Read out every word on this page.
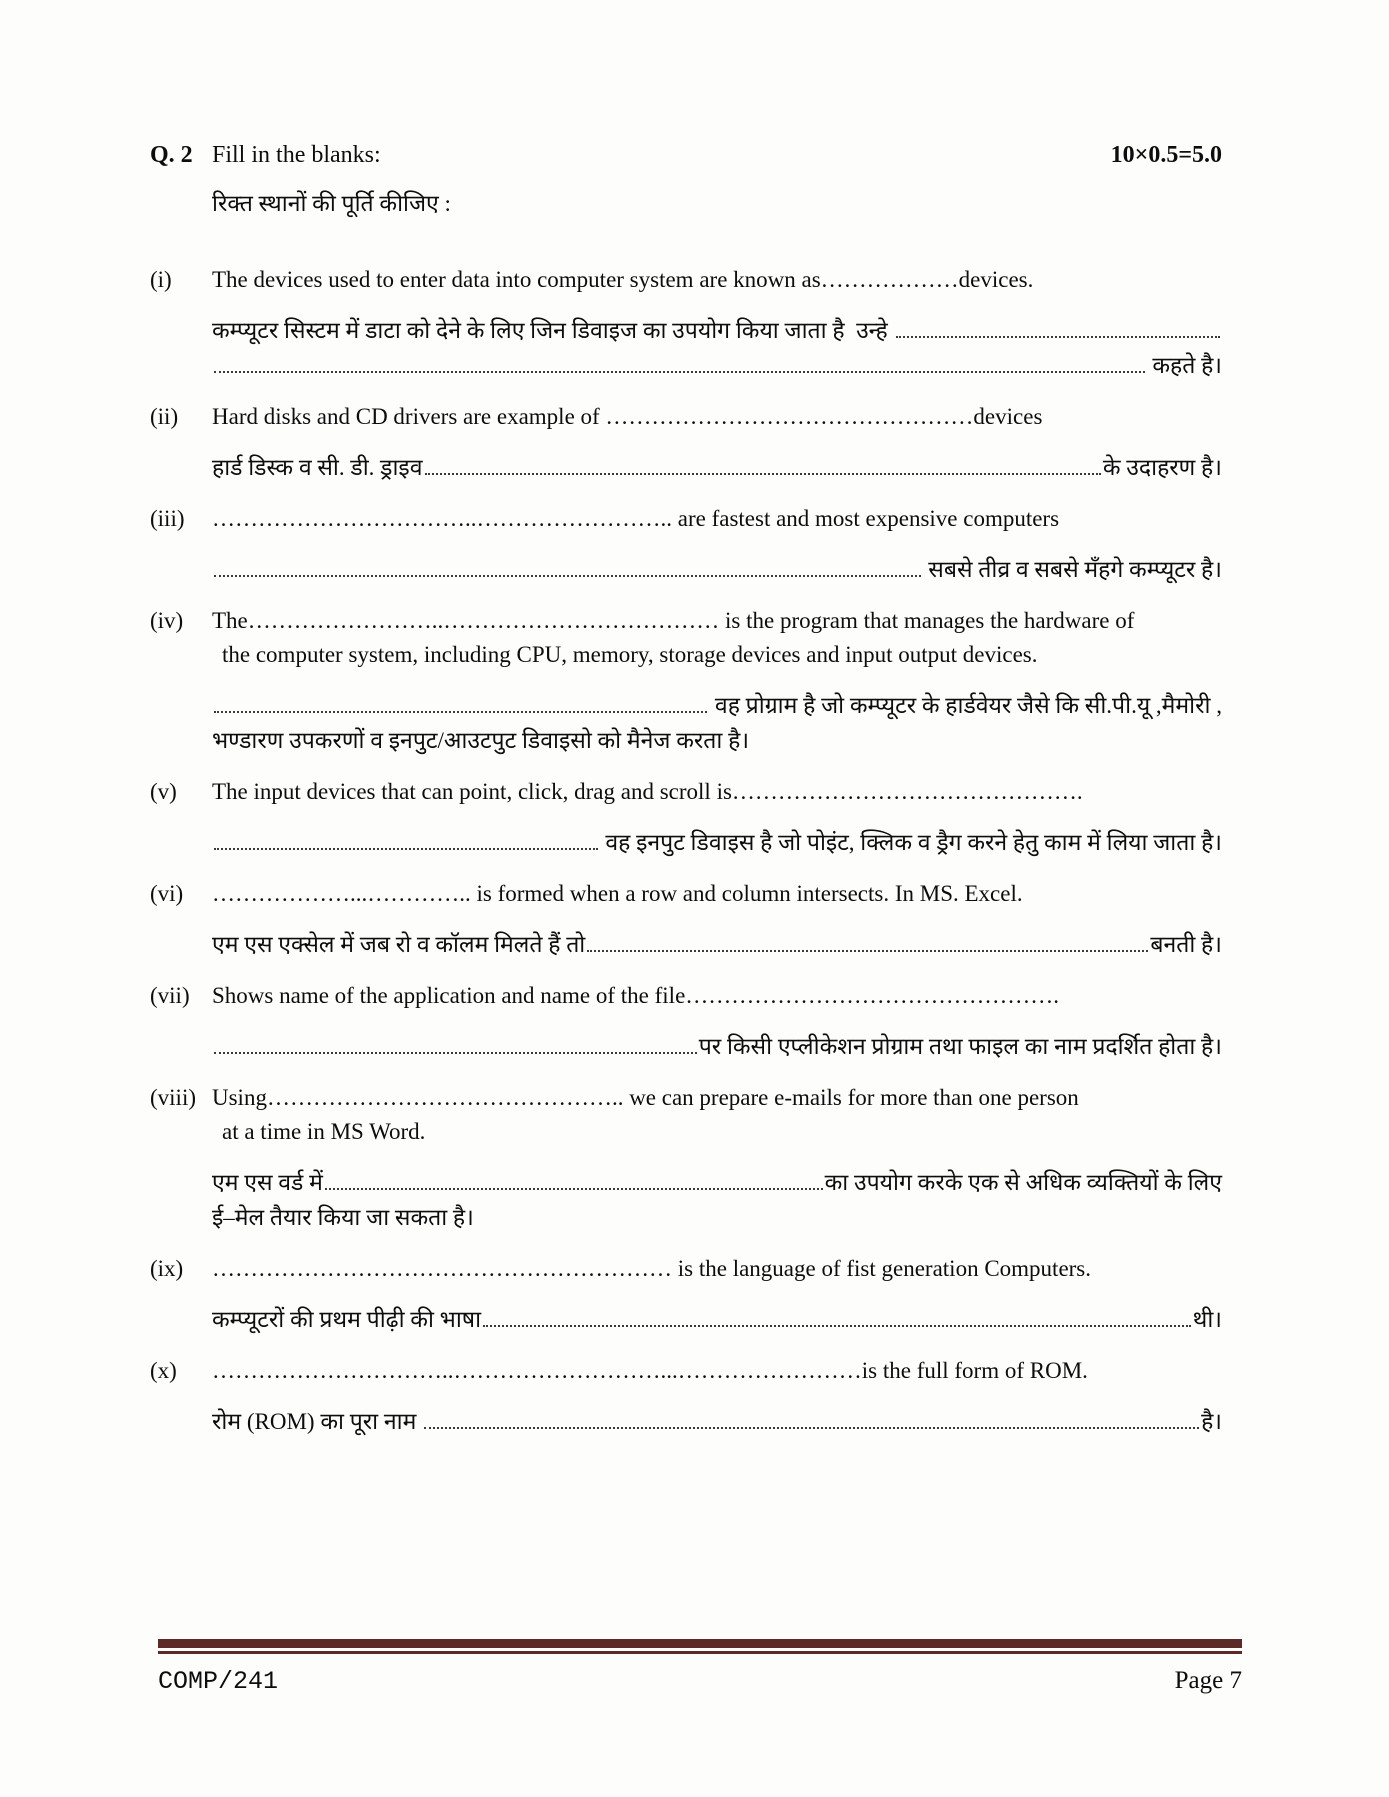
Q. 2 Fill in the blanks:	10×0.5=5.0
रिक्त स्थानों की पूर्ति कीजिए :
(i)	The devices used to enter data into computer system are known as………………devices.

कम्प्यूटर सिस्टम में डाटा को देने के लिए जिन डिवाइज का उपयोग किया जाता है  उन्हे
कहते है।
(ii)	Hard disks and CD drivers are example of …………………………………………devices

हार्ड डिस्क व सी. डी. ड्राइव	के उदाहरण है।
(iii)	……………………………..…………………….. are fastest and most expensive computers

सबसे तीव्र व सबसे मँहगे कम्प्यूटर है।
(iv)	The……………………..……………………………… is the program that manages the hardware of

the computer system, including CPU, memory, storage devices and input output devices.

वह प्रोग्राम है जो कम्प्यूटर के हार्डवेयर जैसे कि सी.पी.यू ,मैमोरी ,
भण्डारण उपकरणों व इनपुट/आउटपुट डिवाइसो को मैनेज करता है।
(v)	The input devices that can point, click, drag and scroll is……………………………………….

वह इनपुट डिवाइस है जो पोइंट, क्लिक व ड्रैग करने हेतु काम में लिया जाता है।
(vi)	………………...………….. is formed when a row and column intersects. In MS. Excel.

एम एस एक्सेल में जब रो व कॉलम मिलते हैं तो	बनती है।
(vii) Shows name of the application and name of the file………………………………………….

पर किसी एप्लीकेशन प्रोग्राम तथा फाइल का नाम प्रदर्शित होता है।
(viii) Using……………………………………….. we can prepare e-mails for more than one person

at a time in MS Word.

एम एस वर्ड में	का उपयोग करके एक से अधिक व्यक्तियों के लिए
ई–मेल तैयार किया जा सकता है।
(ix)	…………………………………………………… is the language of fist generation Computers.

कम्प्यूटरों की प्रथम पीढ़ी की भाषा	थी।
(x)	…………………………..………………………...……………………is the full form of ROM.

रोम (ROM) का पूरा नाम	है।
COMP/241	Page 7
